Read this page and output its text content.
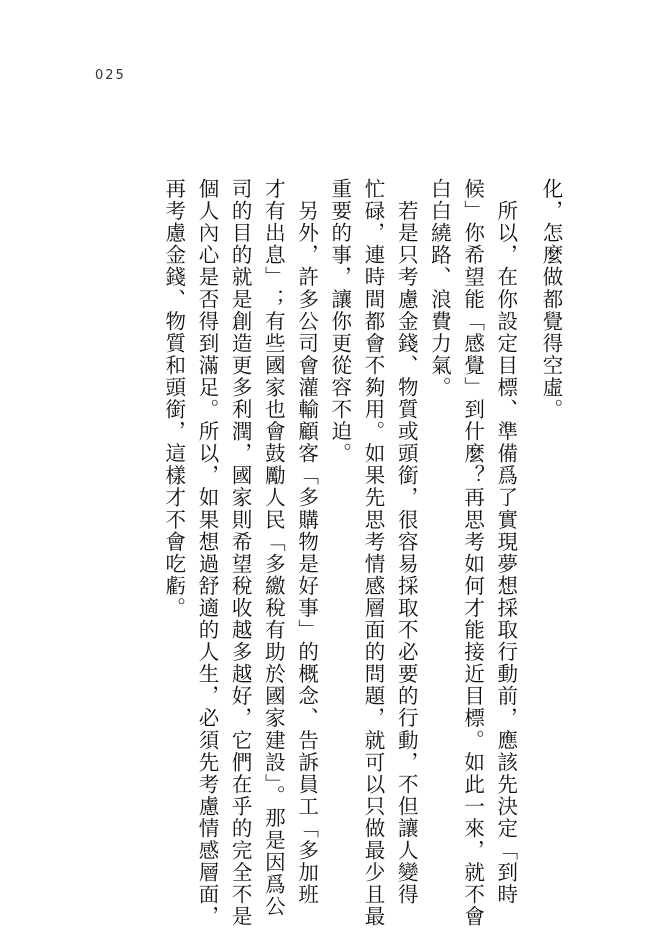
025
化，怎麼做都覺得空虛。
　所以，在你設定目標、準備爲了實現夢想採取行動前，應該先決定「到時
候」你希望能「感覺」到什麼？再思考如何才能接近目標。如此一來，就不會
白白繞路、浪費力氣。
　若是只考慮金錢、物質或頭銜，很容易採取不必要的行動，不但讓人變得
忙碌，連時間都會不夠用。如果先思考情感層面的問題，就可以只做最少且最
重要的事，讓你更從容不迫。
　另外，許多公司會灌輸顧客「多購物是好事」的概念、告訴員工「多加班
才有出息」；有些國家也會鼓勵人民「多繳稅有助於國家建設」。那是因爲公
司的目的就是創造更多利潤，國家則希望稅收越多越好，它們在乎的完全不是
個人內心是否得到滿足。所以，如果想過舒適的人生，必須先考慮情感層面，
再考慮金錢、物質和頭銜，這樣才不會吃虧。
